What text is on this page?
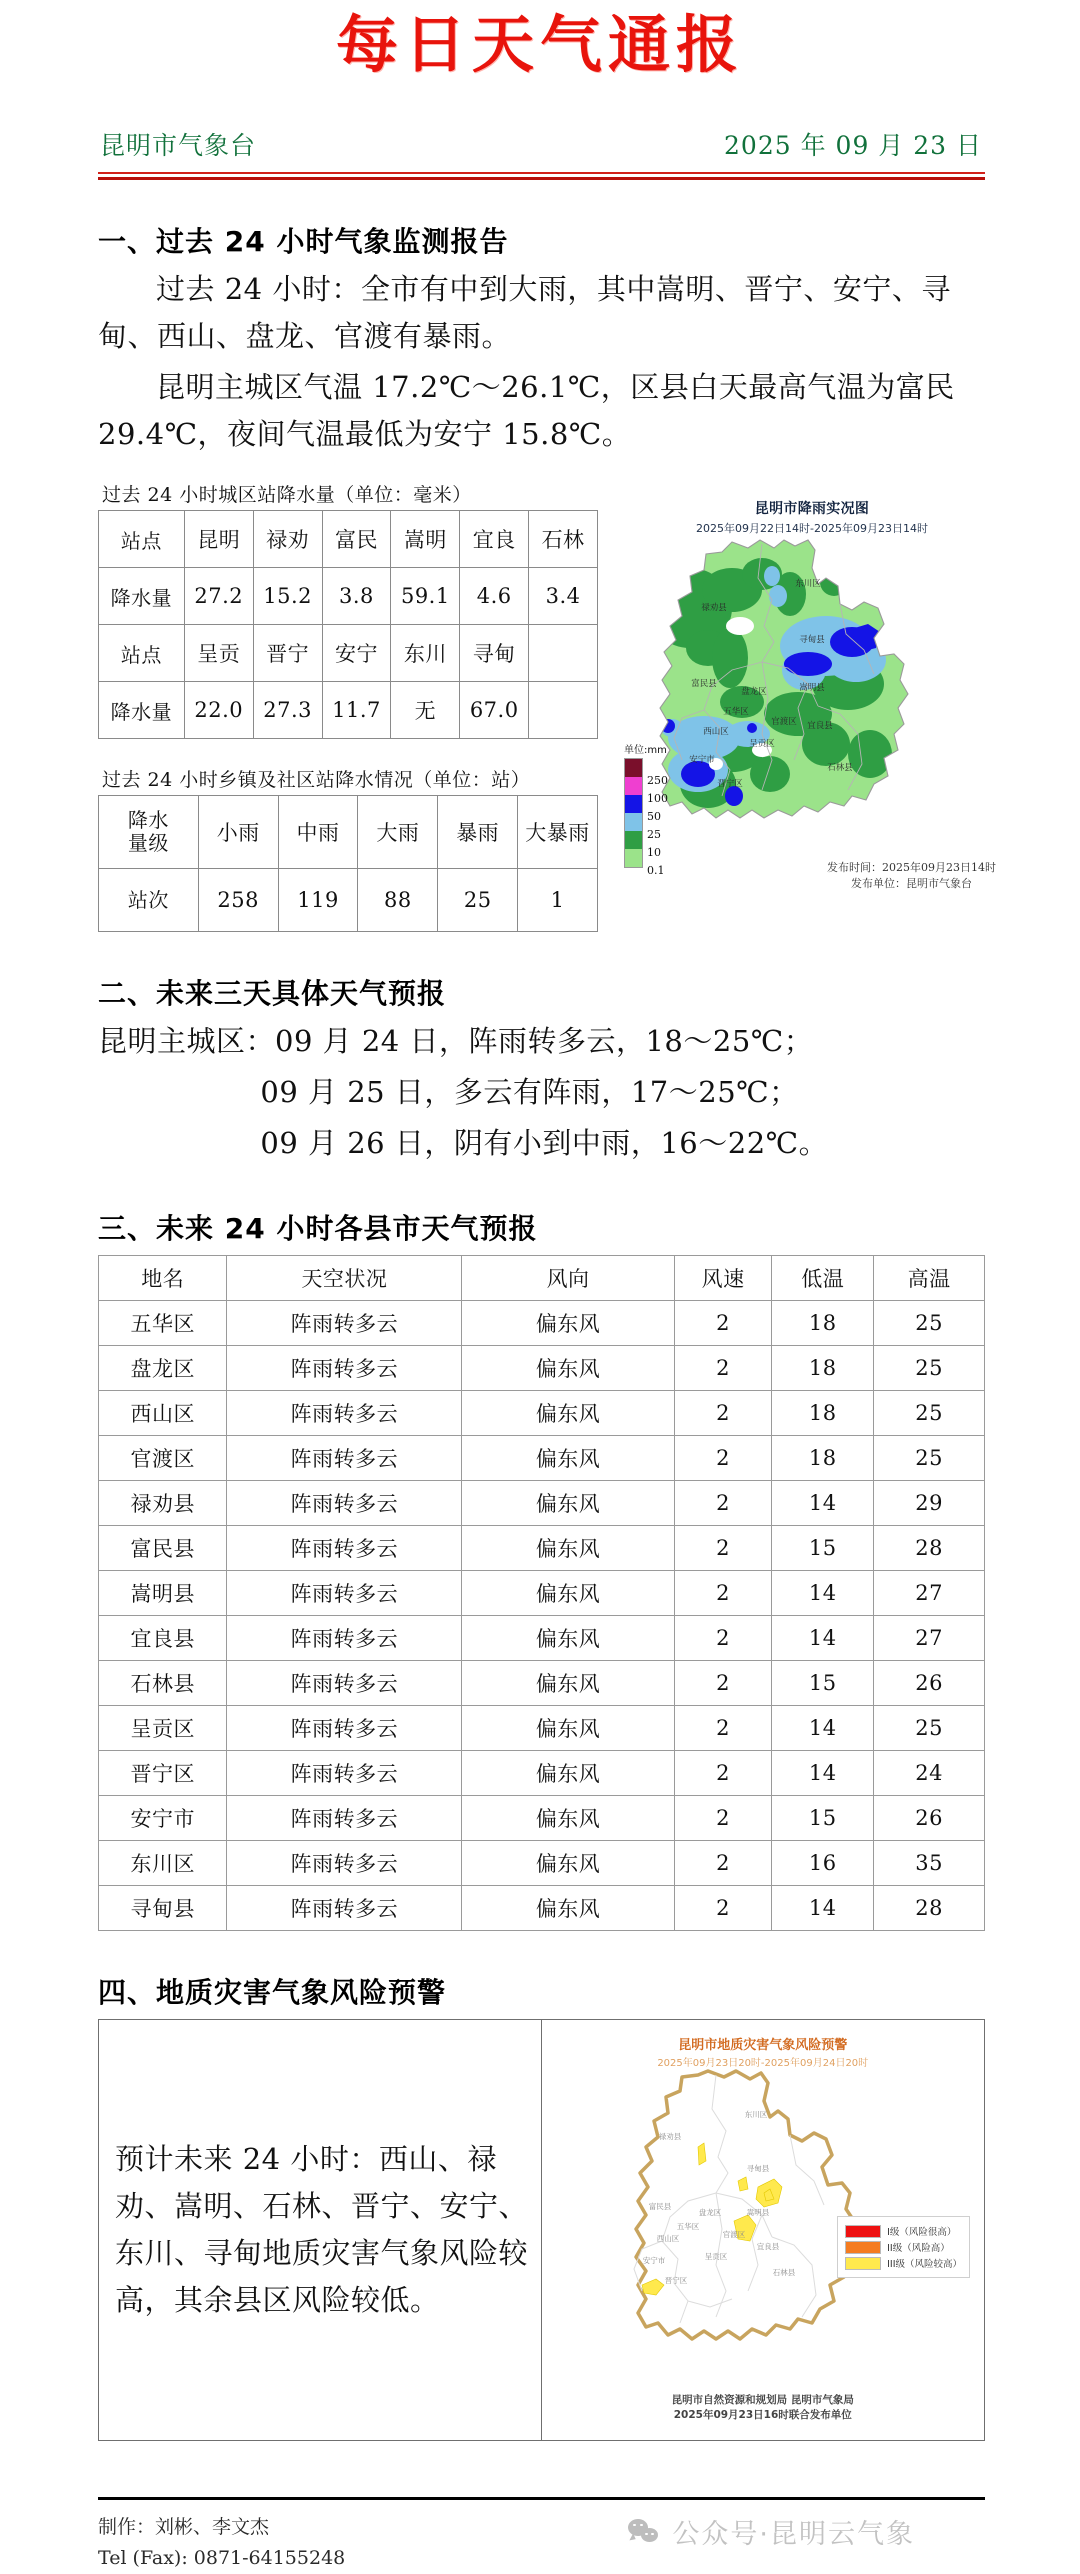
每日天气通报
昆明市气象台	2025 年 09 月 23 日
一、过去 24 小时气象监测报告

过去 24 小时：全市有中到大雨，其中嵩明、晋宁、安宁、寻甸、西山、盘龙、官渡有暴雨。

昆明主城区气温 17.2℃～26.1℃，区县白天最高气温为富民 29.4℃，夜间气温最低为安宁 15.8℃。

过去 24 小时城区站降水量（单位：毫米）
站点	昆明	禄劝	富民	嵩明	宜良	石林
降水量	27.2	15.2	3.8	59.1	4.6	3.4
站点	呈贡	晋宁	安宁	东川	寻甸	
降水量	22.0	27.3	11.7	无	67.0	
过去 24 小时乡镇及社区站降水情况（单位：站）
降水
量级	小雨	中雨	大雨	暴雨	大暴雨
站次	258	119	88	25	1
昆明市降雨实况图
2025年09月22日14时-2025年09月23日14时
东川区
禄劝县
寻甸县
富民县
盘龙区	嵩明县
五华区
官渡区
西山区
安宁市
呈贡区
晋宁区
宜良县
石林县
单位:mm
250
100
50
25
10
0.1	发布时间：2025年09月23日14时
发布单位：昆明市气象台
二、未来三天具体天气预报

昆明主城区：09 月 24 日，阵雨转多云，18～25℃；

09 月 25 日，多云有阵雨，17～25℃；

09 月 26 日，阴有小到中雨，16～22℃。

三、未来 24 小时各县市天气预报
地名	天空状况	风向	风速	低温	高温
五华区	阵雨转多云	偏东风	2	18	25
盘龙区	阵雨转多云	偏东风	2	18	25
西山区	阵雨转多云	偏东风	2	18	25
官渡区	阵雨转多云	偏东风	2	18	25
禄劝县	阵雨转多云	偏东风	2	14	29
富民县	阵雨转多云	偏东风	2	15	28
嵩明县	阵雨转多云	偏东风	2	14	27
宜良县	阵雨转多云	偏东风	2	14	27
石林县	阵雨转多云	偏东风	2	15	26
呈贡区	阵雨转多云	偏东风	2	14	25
晋宁区	阵雨转多云	偏东风	2	14	24
安宁市	阵雨转多云	偏东风	2	15	26
东川区	阵雨转多云	偏东风	2	16	35
寻甸县	阵雨转多云	偏东风	2	14	28
四、地质灾害气象风险预警
预计未来 24 小时：西山、禄劝、嵩明、石林、晋宁、安宁、东川、寻甸地质灾害气象风险较高，其余县区风险较低。
昆明市地质灾害气象风险预警
2025年09月23日20时-2025年09月24日20时
东川区
禄劝县
寻甸县
富民县
盘龙区	嵩明县
五华区
官渡区
西山区
安宁市	呈贡区
晋宁区
宜良县
石林县
I级（风险很高）
II级（风险高）
III级（风险较高）
昆明市自然资源和规划局 昆明市气象局
2025年09月23日16时联合发布单位
制作：刘彬、李文杰
Tel (Fax): 0871-64155248
公众号·昆明云气象
